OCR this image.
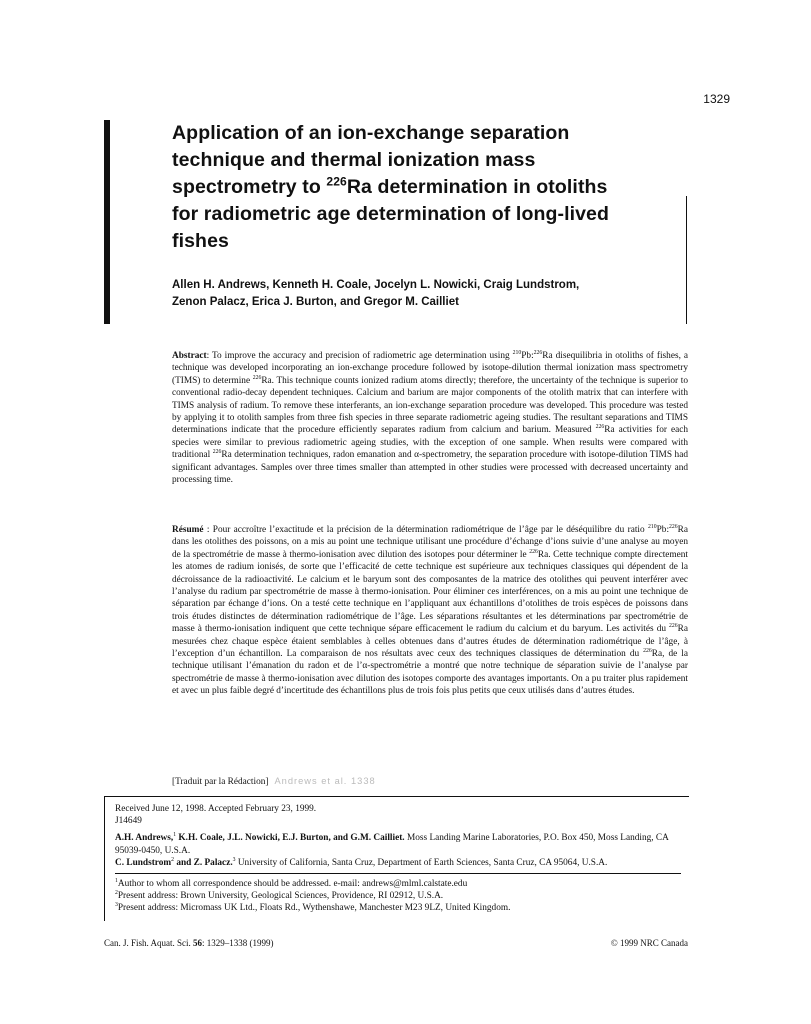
1329
Application of an ion-exchange separation
technique and thermal ionization mass
spectrometry to $^{226}$Ra determination in otoliths
for radiometric age determination of long-lived
fishes
Allen H. Andrews, Kenneth H. Coale, Jocelyn L. Nowicki, Craig Lundstrom,
Zenon Palacz, Erica J. Burton, and Gregor M. Cailliet

Abstract: To improve the accuracy and precision of radiometric age determination using $^{210}$Pb:$^{226}$Ra disequilibria in otoliths of fishes, a technique was developed incorporating an ion-exchange procedure followed by isotope-dilution thermal ionization mass spectrometry (TIMS) to determine $^{226}$Ra. This technique counts ionized radium atoms directly; therefore, the uncertainty of the technique is superior to conventional radio-decay dependent techniques. Calcium and barium are major components of the otolith matrix that can interfere with TIMS analysis of radium. To remove these interferants, an ion-exchange separation procedure was developed. This procedure was tested by applying it to otolith samples from three fish species in three separate radiometric ageing studies. The resultant separations and TIMS determinations indicate that the procedure efficiently separates radium from calcium and barium. Measured $^{226}$Ra activities for each species were similar to previous radiometric ageing studies, with the exception of one sample. When results were compared with traditional $^{226}$Ra determination techniques, radon emanation and α-spectrometry, the separation procedure with isotope-dilution TIMS had significant advantages. Samples over three times smaller than attempted in other studies were processed with decreased uncertainty and processing time.

Résumé : Pour accroître l’exactitude et la précision de la détermination radiométrique de l’âge par le déséquilibre du ratio $^{210}$Pb:$^{226}$Ra dans les otolithes des poissons, on a mis au point une technique utilisant une procédure d’échange d’ions suivie d’une analyse au moyen de la spectrométrie de masse à thermo-ionisation avec dilution des isotopes pour déterminer le $^{226}$Ra. Cette technique compte directement les atomes de radium ionisés, de sorte que l’efficacité de cette technique est supérieure aux techniques classiques qui dépendent de la décroissance de la radioactivité. Le calcium et le baryum sont des composantes de la matrice des otolithes qui peuvent interférer avec l’analyse du radium par spectrométrie de masse à thermo-ionisation. Pour éliminer ces interférences, on a mis au point une technique de séparation par échange d’ions. On a testé cette technique en l’appliquant aux échantillons d’otolithes de trois espèces de poissons dans trois études distinctes de détermination radiométrique de l’âge. Les séparations résultantes et les déterminations par spectrométrie de masse à thermo-ionisation indiquent que cette technique sépare efficacement le radium du calcium et du baryum. Les activités du $^{226}$Ra mesurées chez chaque espèce étaient semblables à celles obtenues dans d’autres études de détermination radiométrique de l’âge, à l’exception d’un échantillon. La comparaison de nos résultats avec ceux des techniques classiques de détermination du $^{226}$Ra, de la technique utilisant l’émanation du radon et de l’α-spectrométrie a montré que notre technique de séparation suivie de l’analyse par spectrométrie de masse à thermo-ionisation avec dilution des isotopes comporte des avantages importants. On a pu traiter plus rapidement et avec un plus faible degré d’incertitude des échantillons plus de trois fois plus petits que ceux utilisés dans d’autres études.

[Traduit par la Rédaction] Andrews et al. 1338
Received June 12, 1998. Accepted February 23, 1999.
J14649
A.H. Andrews,$^1$ K.H. Coale, J.L. Nowicki, E.J. Burton, and G.M. Cailliet. Moss Landing Marine Laboratories, P.O. Box 450, Moss Landing, CA 95039-0450, U.S.A.
C. Lundstrom$^2$ and Z. Palacz.$^3$ University of California, Santa Cruz, Department of Earth Sciences, Santa Cruz, CA 95064, U.S.A.
$^1$Author to whom all correspondence should be addressed. e-mail: andrews@mlml.calstate.edu
$^2$Present address: Brown University, Geological Sciences, Providence, RI 02912, U.S.A.
$^3$Present address: Micromass UK Ltd., Floats Rd., Wythenshawe, Manchester M23 9LZ, United Kingdom.
Can. J. Fish. Aquat. Sci. 56: 1329–1338 (1999)	© 1999 NRC Canada
